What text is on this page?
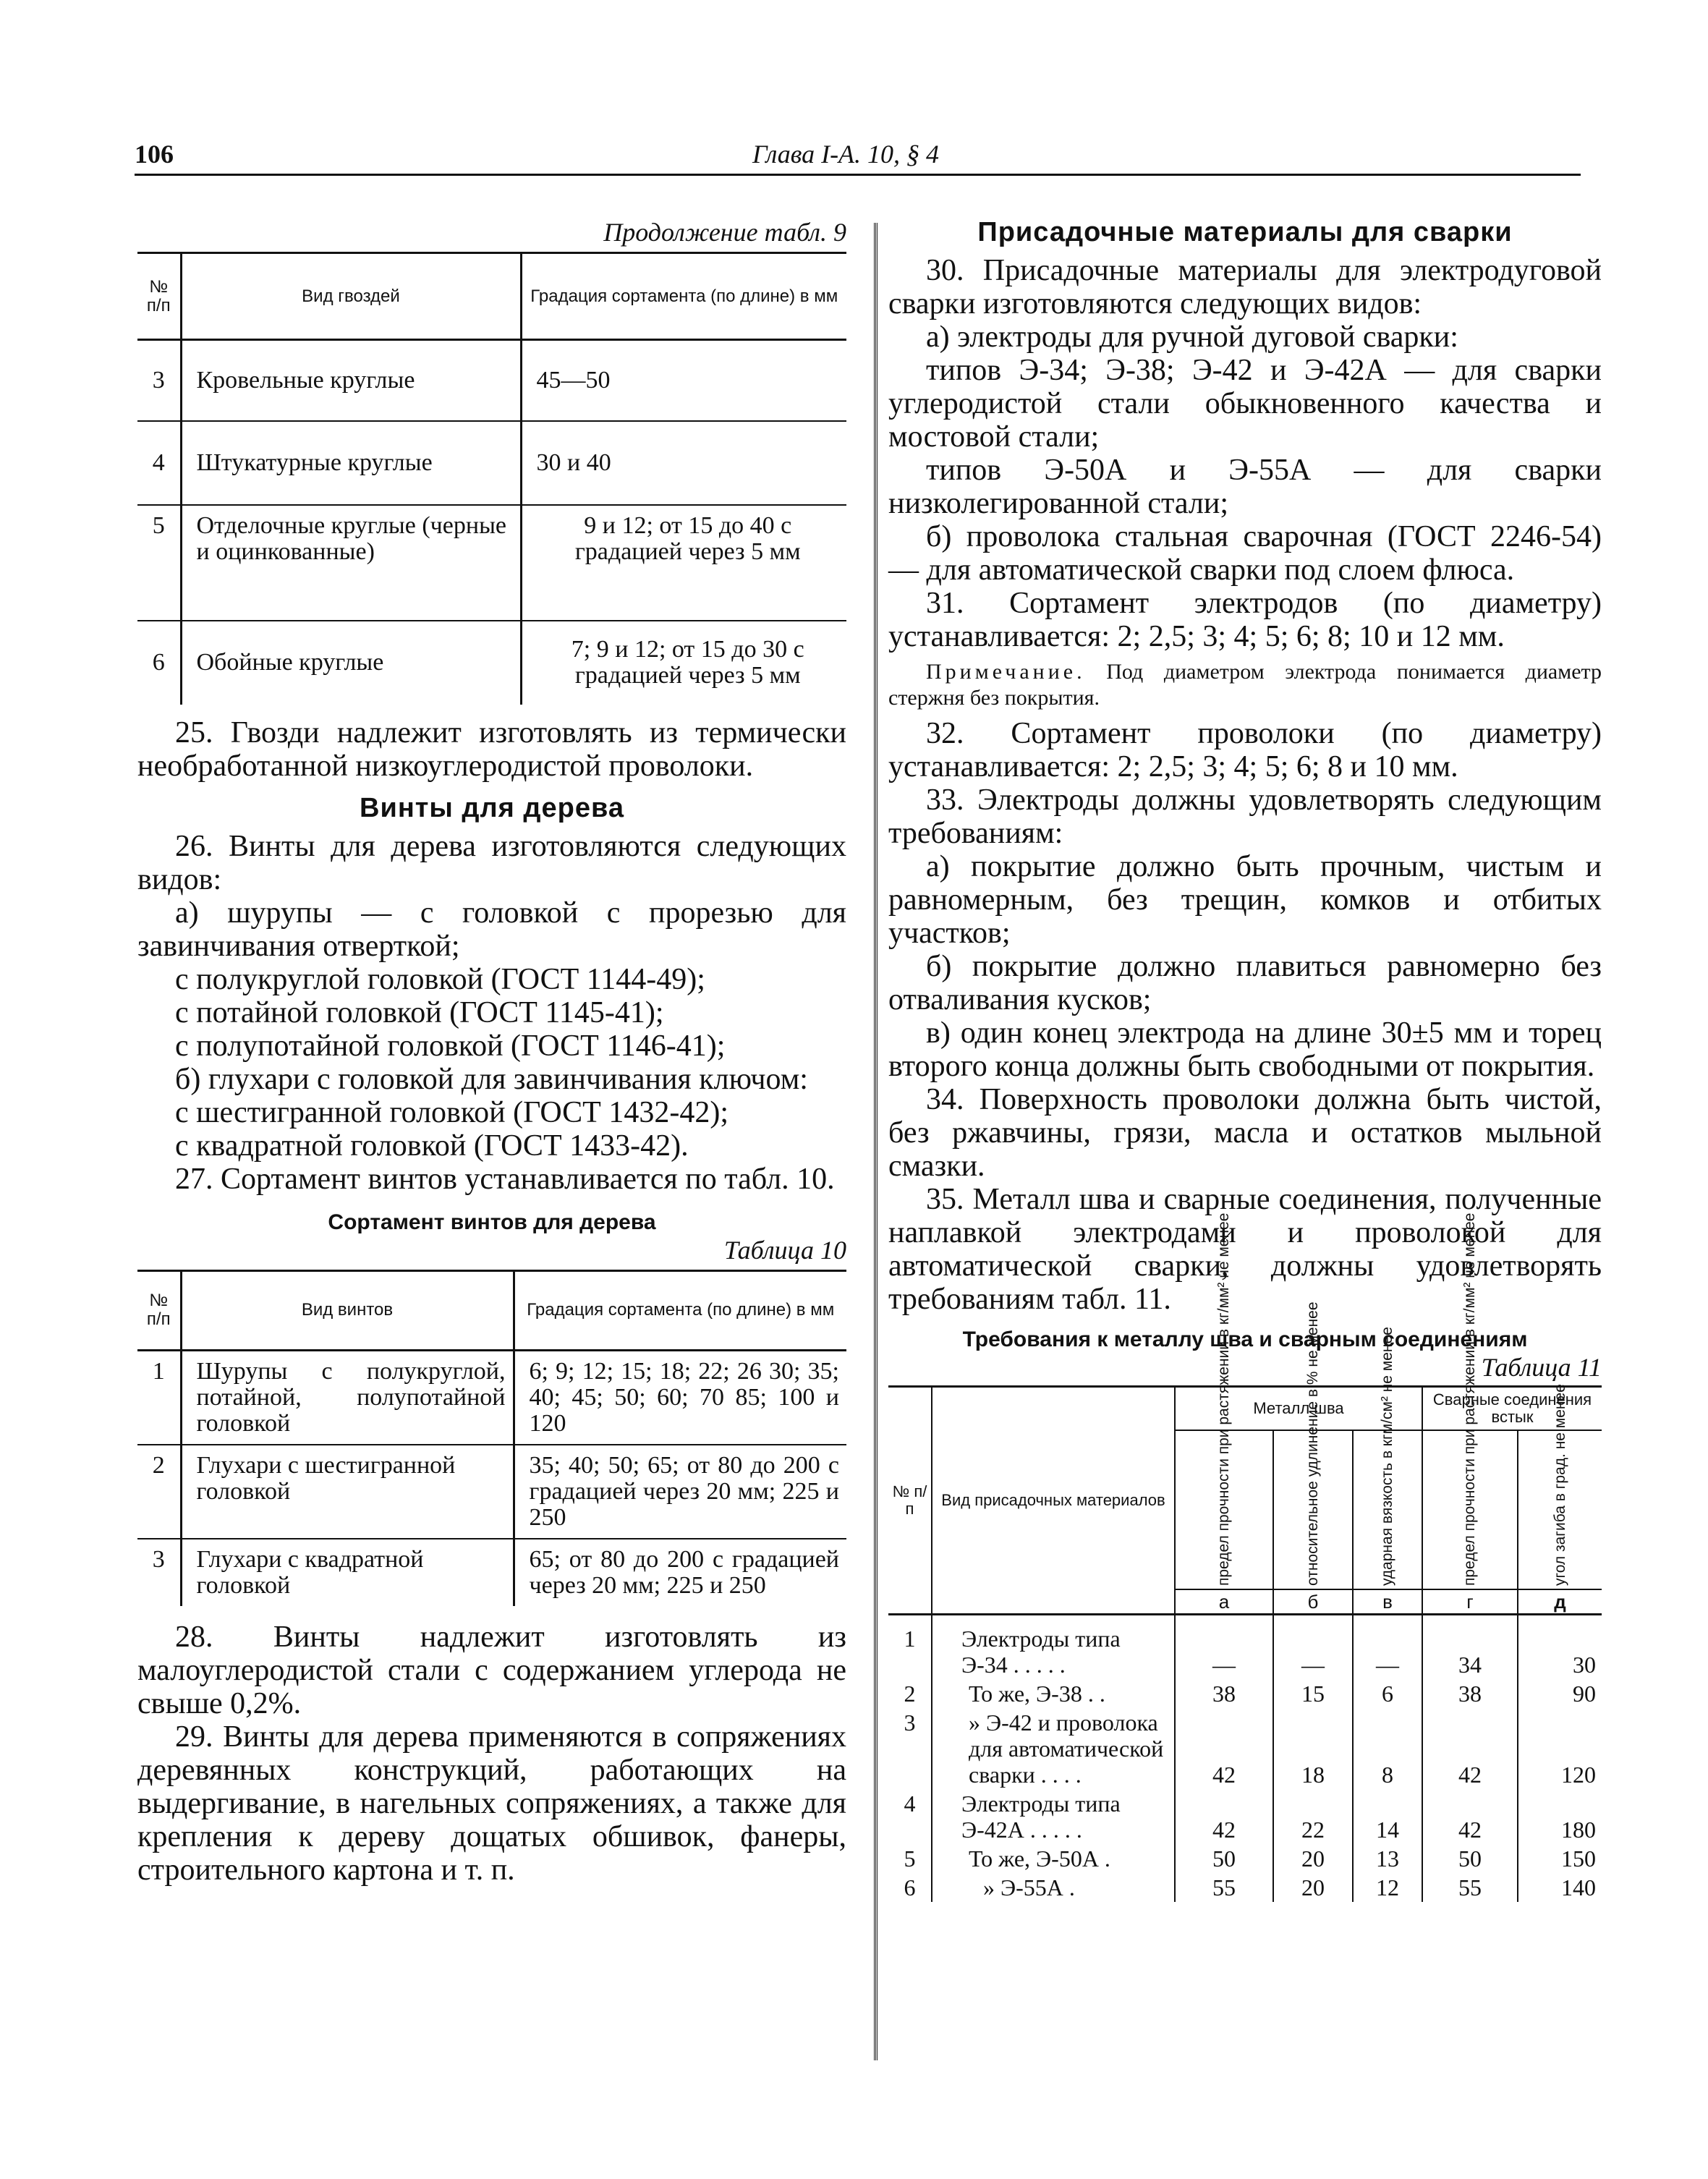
106	Глава I-А. 10, § 4
Продолжение табл. 9
№ п/п	Вид гвоздей	Градация сортамента (по длине) в мм
3	Кровельные круглые	45—50
4	Штукатурные круглые	30 и 40
5	Отделочные круглые (черные и оцинкованные)	9 и 12; от 15 до 40 с градацией через 5 мм
6	Обойные круглые	7; 9 и 12; от 15 до 30 с градацией через 5 мм

25. Гвозди надлежит изготовлять из термически необработанной низкоуглеродистой проволоки.

Винты для дерева

26. Винты для дерева изготовляются следующих видов:

а) шурупы — с головкой с прорезью для завинчивания отверткой;

с полукруглой головкой (ГОСТ 1144-49);
с потайной головкой (ГОСТ 1145-41);
с полупотайной головкой (ГОСТ 1146-41);

б) глухари с головкой для завинчивания ключом:

с шестигранной головкой (ГОСТ 1432-42);
с квадратной головкой (ГОСТ 1433-42).

27. Сортамент винтов устанавливается по табл. 10.

Сортамент винтов для дерева
Таблица 10
№ п/п	Вид винтов	Градация сортамента (по длине) в мм
1	Шурупы с полукруглой, потайной, полупотайной головкой	6; 9; 12; 15; 18; 22; 26 30; 35; 40; 45; 50; 60; 70 85; 100 и 120
2	Глухари с шестигранной головкой	35; 40; 50; 65; от 80 до 200 с градацией через 20 мм; 225 и 250
3	Глухари с квадратной головкой	65; от 80 до 200 с градацией через 20 мм; 225 и 250

28. Винты надлежит изготовлять из малоуглеродистой стали с содержанием углерода не свыше 0,2%.

29. Винты для дерева применяются в сопряжениях деревянных конструкций, работающих на выдергивание, в нагельных сопряжениях, а также для крепления к дереву дощатых обшивок, фанеры, строительного картона и т. п.

Присадочные материалы для сварки

30. Присадочные материалы для электродуговой сварки изготовляются следующих видов:

а) электроды для ручной дуговой сварки:

типов Э-34; Э-38; Э-42 и Э-42А — для сварки углеродистой стали обыкновенного качества и мостовой стали;

типов Э-50А и Э-55А — для сварки низколегированной стали;

б) проволока стальная сварочная (ГОСТ 2246-54) — для автоматической сварки под слоем флюса.

31. Сортамент электродов (по диаметру) устанавливается: 2; 2,5; 3; 4; 5; 6; 8; 10 и 12 мм.

Примечание. Под диаметром электрода понимается диаметр стержня без покрытия.

32. Сортамент проволоки (по диаметру) устанавливается: 2; 2,5; 3; 4; 5; 6; 8 и 10 мм.

33. Электроды должны удовлетворять следующим требованиям:

а) покрытие должно быть прочным, чистым и равномерным, без трещин, комков и отбитых участков;

б) покрытие должно плавиться равномерно без отваливания кусков;

в) один конец электрода на длине 30±5 мм и торец второго конца должны быть свободными от покрытия.

34. Поверхность проволоки должна быть чистой, без ржавчины, грязи, масла и остатков мыльной смазки.

35. Металл шва и сварные соединения, полученные наплавкой электродами и проволокой для автоматической сварки, должны удовлетворять требованиям табл. 11.

Требования к металлу шва и сварным соединениям
Таблица 11
№ п/п	Вид присадочных материалов	Металл шва			Сварные соединения встык	

		предел прочности при растяжении в кг/мм² не менее	относительное удлинение в % не менее	ударная вязкость в кгм/см² не менее	предел прочности при растяжении в кг/мм² не менее	угол загиба в град. не менее

		а	б	в	г	д
1	Электроды типа Э-34 . . . . .	—	—	—	34	30
2	То же, Э-38 . .	38	15	6	38	90
3	» Э-42 и проволока для автоматической сварки . . . .	42	18	8	42	120
4	Электроды типа Э-42А . . . . .	42	22	14	42	180
5	То же, Э-50А .	50	20	13	50	150
6	» Э-55А .	55	20	12	55	140
